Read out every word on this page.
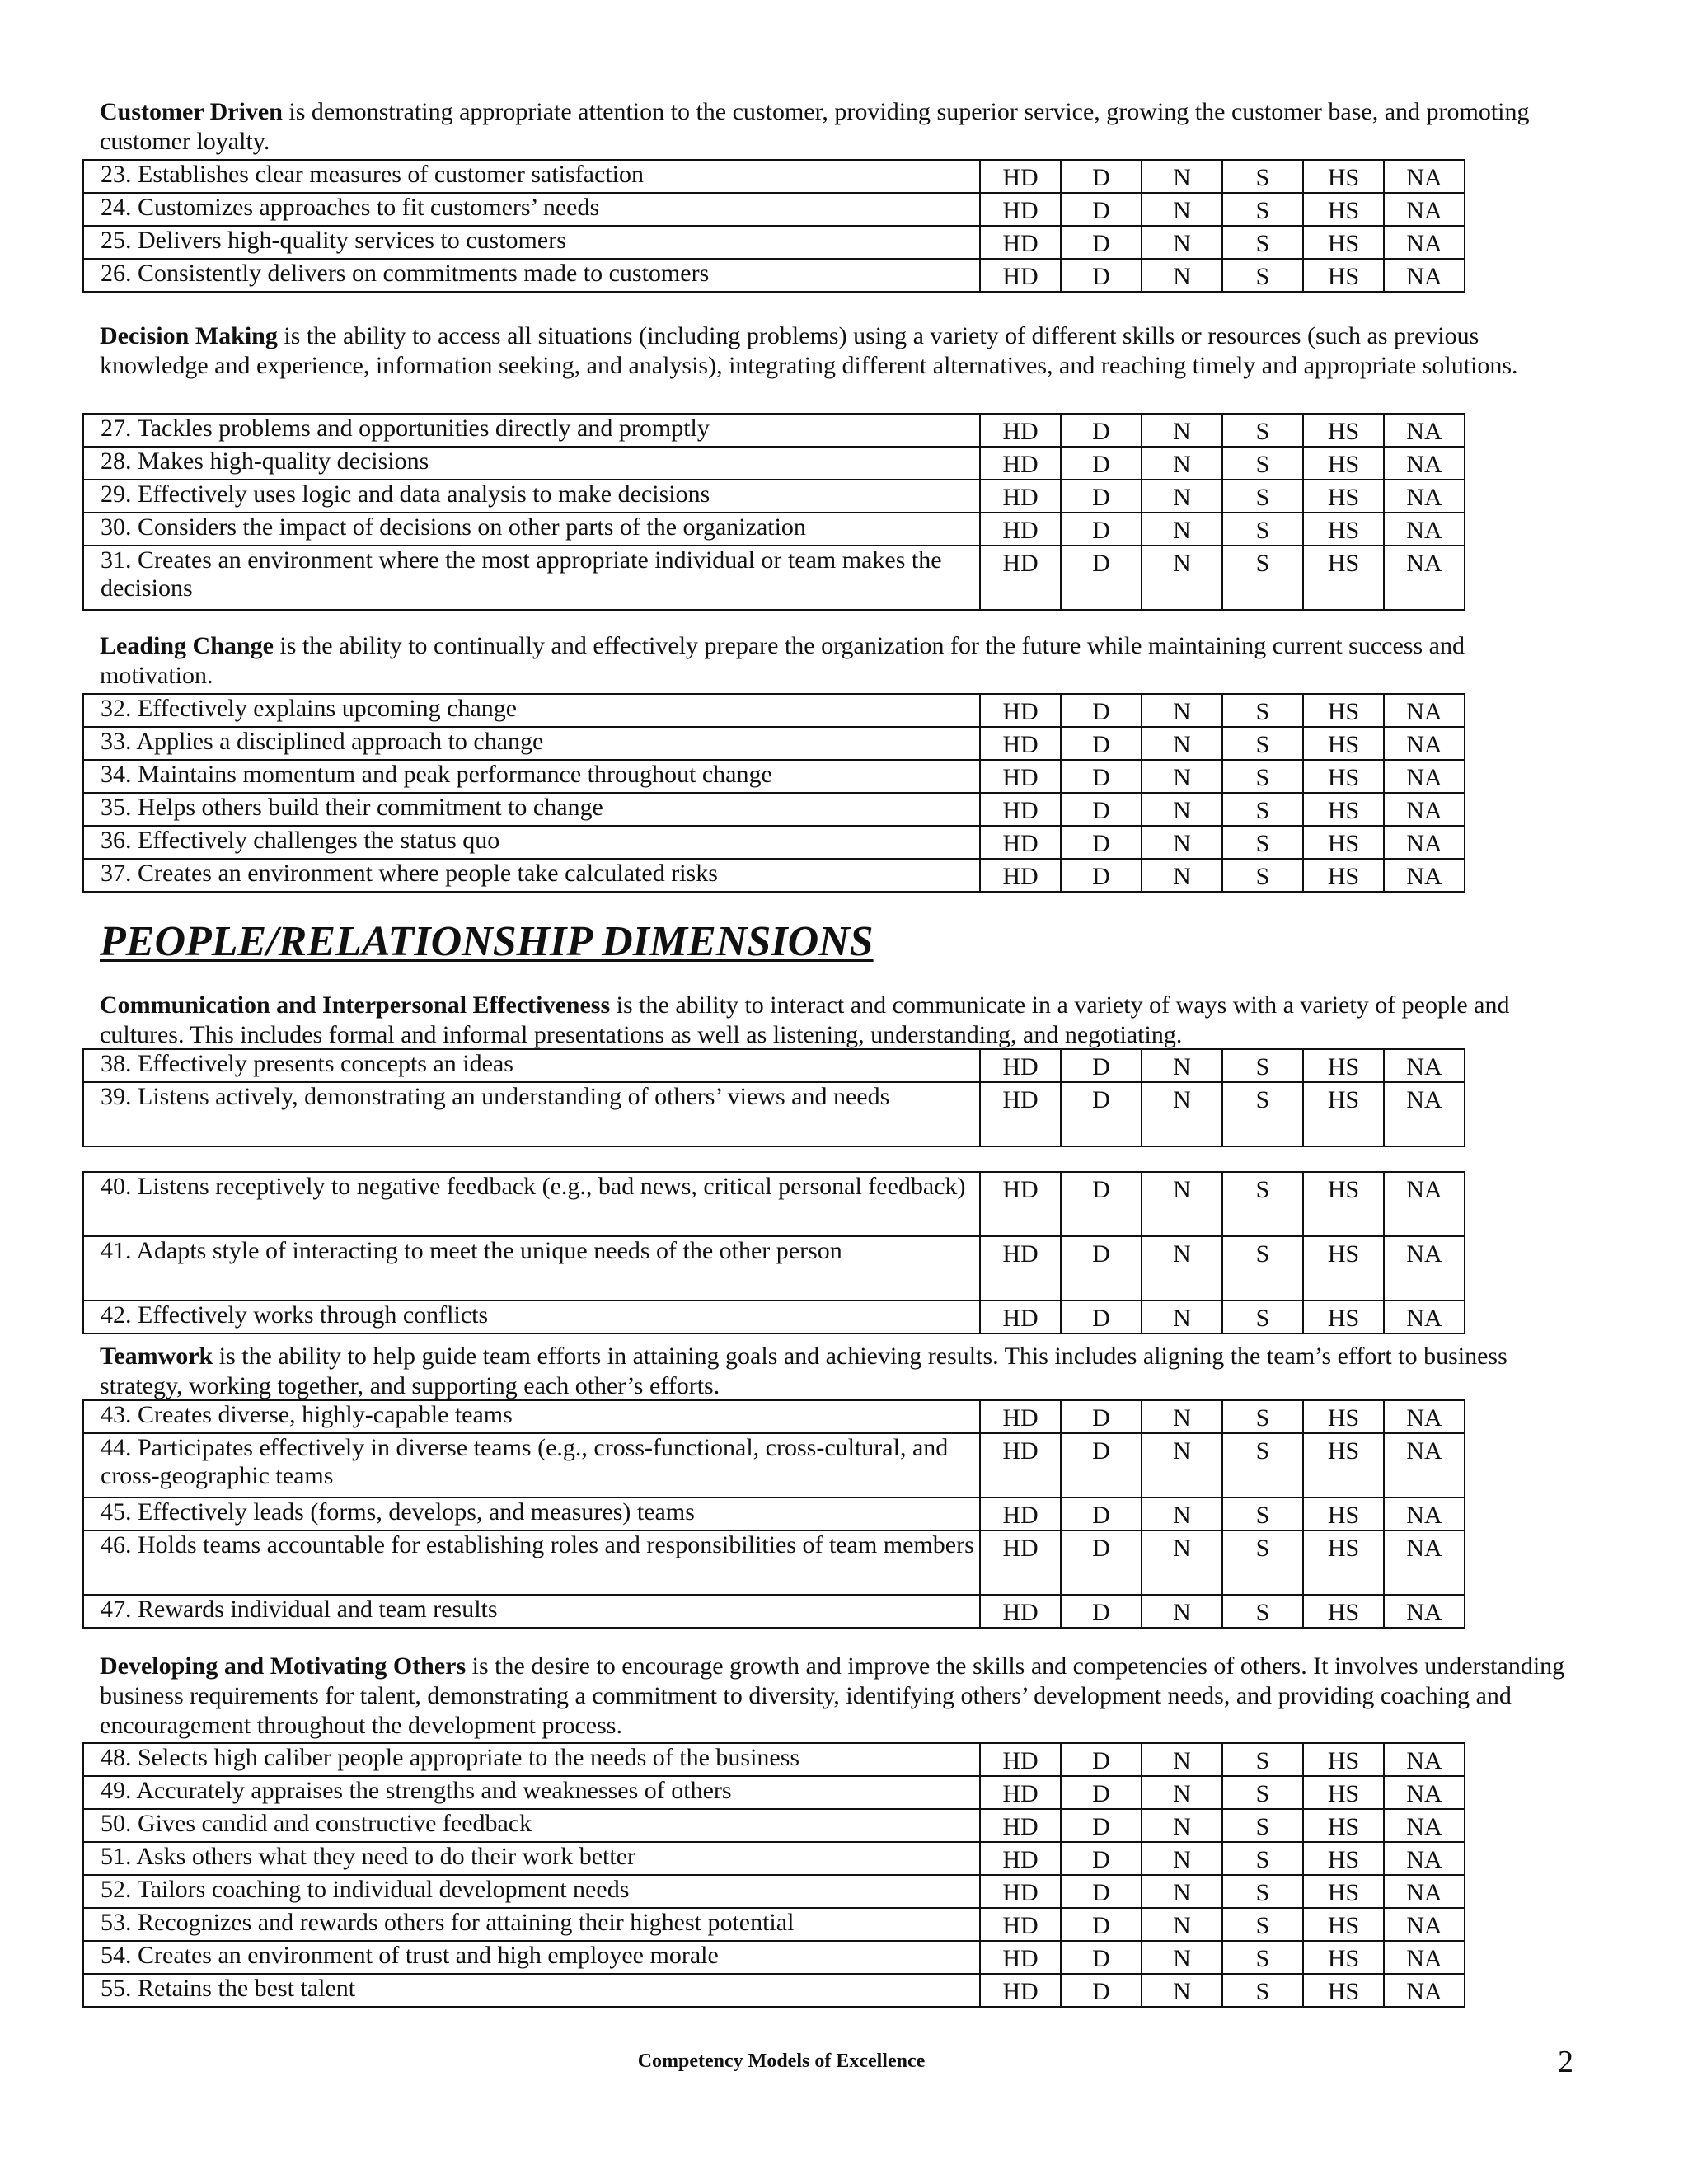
Customer Driven is demonstrating appropriate attention to the customer, providing superior service, growing the customer base, and promoting customer loyalty.

23. Establishes clear measures of customer satisfaction	HD	D	N	S	HS	NA
24. Customizes approaches to fit customers’ needs	HD	D	N	S	HS	NA
25. Delivers high-quality services to customers	HD	D	N	S	HS	NA
26. Consistently delivers on commitments made to customers	HD	D	N	S	HS	NA

Decision Making is the ability to access all situations (including problems) using a variety of different skills or resources (such as previous knowledge and experience, information seeking, and analysis), integrating different alternatives, and reaching timely and appropriate solutions.

27. Tackles problems and opportunities directly and promptly	HD	D	N	S	HS	NA
28. Makes high-quality decisions	HD	D	N	S	HS	NA
29. Effectively uses logic and data analysis to make decisions	HD	D	N	S	HS	NA
30. Considers the impact of decisions on other parts of the organization	HD	D	N	S	HS	NA
31. Creates an environment where the most appropriate individual or team makes the decisions	HD	D	N	S	HS	NA

Leading Change is the ability to continually and effectively prepare the organization for the future while maintaining current success and motivation.

32. Effectively explains upcoming change	HD	D	N	S	HS	NA
33. Applies a disciplined approach to change	HD	D	N	S	HS	NA
34. Maintains momentum and peak performance throughout change	HD	D	N	S	HS	NA
35. Helps others build their commitment to change	HD	D	N	S	HS	NA
36. Effectively challenges the status quo	HD	D	N	S	HS	NA
37. Creates an environment where people take calculated risks	HD	D	N	S	HS	NA
PEOPLE/RELATIONSHIP DIMENSIONS

Communication and Interpersonal Effectiveness is the ability to interact and communicate in a variety of ways with a variety of people and cultures. This includes formal and informal presentations as well as listening, understanding, and negotiating.

38. Effectively presents concepts an ideas	HD	D	N	S	HS	NA
39. Listens actively, demonstrating an understanding of others’ views and needs	HD	D	N	S	HS	NA
40. Listens receptively to negative feedback (e.g., bad news, critical personal feedback)	HD	D	N	S	HS	NA
41. Adapts style of interacting to meet the unique needs of the other person	HD	D	N	S	HS	NA
42. Effectively works through conflicts	HD	D	N	S	HS	NA

Teamwork is the ability to help guide team efforts in attaining goals and achieving results. This includes aligning the team’s effort to business strategy, working together, and supporting each other’s efforts.

43. Creates diverse, highly-capable teams	HD	D	N	S	HS	NA
44. Participates effectively in diverse teams (e.g., cross-functional, cross-cultural, and cross-geographic teams	HD	D	N	S	HS	NA
45. Effectively leads (forms, develops, and measures) teams	HD	D	N	S	HS	NA
46. Holds teams accountable for establishing roles and responsibilities of team members	HD	D	N	S	HS	NA
47. Rewards individual and team results	HD	D	N	S	HS	NA

Developing and Motivating Others is the desire to encourage growth and improve the skills and competencies of others. It involves understanding business requirements for talent, demonstrating a commitment to diversity, identifying others’ development needs, and providing coaching and encouragement throughout the development process.

48. Selects high caliber people appropriate to the needs of the business	HD	D	N	S	HS	NA
49. Accurately appraises the strengths and weaknesses of others	HD	D	N	S	HS	NA
50. Gives candid and constructive feedback	HD	D	N	S	HS	NA
51. Asks others what they need to do their work better	HD	D	N	S	HS	NA
52. Tailors coaching to individual development needs	HD	D	N	S	HS	NA
53. Recognizes and rewards others for attaining their highest potential	HD	D	N	S	HS	NA
54. Creates an environment of trust and high employee morale	HD	D	N	S	HS	NA
55. Retains the best talent	HD	D	N	S	HS	NA
Competency Models of Excellence	2
